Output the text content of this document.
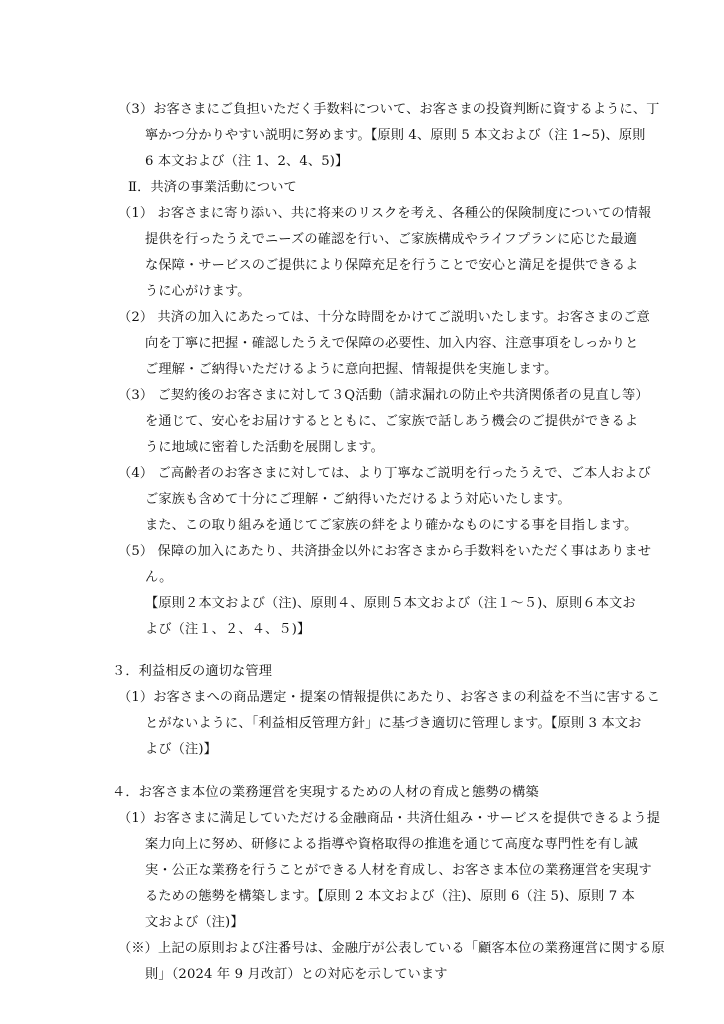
（3）お客さまにご負担いただく手数料について、お客さまの投資判断に資するように、丁
寧かつ分かりやすい説明に努めます。【原則 4、原則 5 本文および（注 1~5)、原則
6 本文および（注 1、2、4、5)】
Ⅱ．共済の事業活動について
（1） お客さまに寄り添い、共に将来のリスクを考え、各種公的保険制度についての情報
提供を行ったうえでニーズの確認を行い、ご家族構成やライフプランに応じた最適
な保障・サービスのご提供により保障充足を行うことで安心と満足を提供できるよ
うに心がけます。
（2） 共済の加入にあたっては、十分な時間をかけてご説明いたします。お客さまのご意
向を丁寧に把握・確認したうえで保障の必要性、加入内容、注意事項をしっかりと
ご理解・ご納得いただけるように意向把握、情報提供を実施します。
（3） ご契約後のお客さまに対して３Q活動（請求漏れの防止や共済関係者の見直し等）
を通じて、安心をお届けするとともに、ご家族で話しあう機会のご提供ができるよ
うに地域に密着した活動を展開します。
（4） ご高齢者のお客さまに対しては、より丁寧なご説明を行ったうえで、ご本人および
ご家族も含めて十分にご理解・ご納得いただけるよう対応いたします。
また、この取り組みを通じてご家族の絆をより確かなものにする事を目指します。
（5） 保障の加入にあたり、共済掛金以外にお客さまから手数料をいただく事はありませ
ん。
【原則２本文および（注)、原則４、原則５本文および（注１～５)、原則６本文お
よび（注１、２、４、５)】
３．利益相反の適切な管理
（1）お客さまへの商品選定・提案の情報提供にあたり、お客さまの利益を不当に害するこ
とがないように、「利益相反管理方針」に基づき適切に管理します。【原則 3 本文お
よび（注)】
４．お客さま本位の業務運営を実現するための人材の育成と態勢の構築
（1）お客さまに満足していただける金融商品・共済仕組み・サービスを提供できるよう提
案力向上に努め、研修による指導や資格取得の推進を通じて高度な専門性を有し誠
実・公正な業務を行うことができる人材を育成し、お客さま本位の業務運営を実現す
るための態勢を構築します。【原則 2 本文および（注)、原則 6（注 5)、原則 7 本
文および（注)】
（※）上記の原則および注番号は、金融庁が公表している「顧客本位の業務運営に関する原
則」（2024 年 9 月改訂）との対応を示しています
